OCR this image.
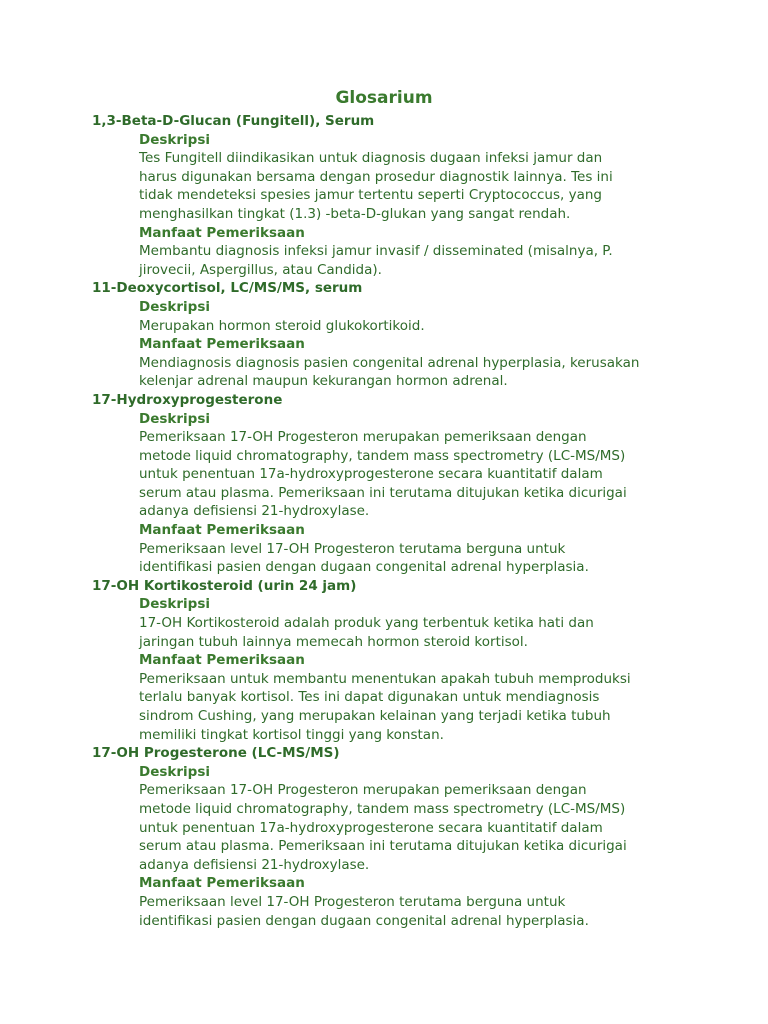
Glosarium
1,3-Beta-D-Glucan (Fungitell), Serum
Deskripsi
Tes Fungitell diindikasikan untuk diagnosis dugaan infeksi jamur dan
harus digunakan bersama dengan prosedur diagnostik lainnya. Tes ini
tidak mendeteksi spesies jamur tertentu seperti Cryptococcus, yang
menghasilkan tingkat (1.3) -beta-D-glukan yang sangat rendah.
Manfaat Pemeriksaan
Membantu diagnosis infeksi jamur invasif / disseminated (misalnya, P.
jirovecii, Aspergillus, atau Candida).
11-Deoxycortisol, LC/MS/MS, serum
Deskripsi
Merupakan hormon steroid glukokortikoid.
Manfaat Pemeriksaan
Mendiagnosis diagnosis pasien congenital adrenal hyperplasia, kerusakan
kelenjar adrenal maupun kekurangan hormon adrenal.
17-Hydroxyprogesterone
Deskripsi
Pemeriksaan 17-OH Progesteron merupakan pemeriksaan dengan
metode liquid chromatography, tandem mass spectrometry (LC-MS/MS)
untuk penentuan 17a-hydroxyprogesterone secara kuantitatif dalam
serum atau plasma. Pemeriksaan ini terutama ditujukan ketika dicurigai
adanya defisiensi 21-hydroxylase.
Manfaat Pemeriksaan
Pemeriksaan level 17-OH Progesteron terutama berguna untuk
identifikasi pasien dengan dugaan congenital adrenal hyperplasia.
17-OH Kortikosteroid (urin 24 jam)
Deskripsi
17-OH Kortikosteroid adalah produk yang terbentuk ketika hati dan
jaringan tubuh lainnya memecah hormon steroid kortisol.
Manfaat Pemeriksaan
Pemeriksaan untuk membantu menentukan apakah tubuh memproduksi
terlalu banyak kortisol. Tes ini dapat digunakan untuk mendiagnosis
sindrom Cushing, yang merupakan kelainan yang terjadi ketika tubuh
memiliki tingkat kortisol tinggi yang konstan.
17-OH Progesterone (LC-MS/MS)
Deskripsi
Pemeriksaan 17-OH Progesteron merupakan pemeriksaan dengan
metode liquid chromatography, tandem mass spectrometry (LC-MS/MS)
untuk penentuan 17a-hydroxyprogesterone secara kuantitatif dalam
serum atau plasma. Pemeriksaan ini terutama ditujukan ketika dicurigai
adanya defisiensi 21-hydroxylase.
Manfaat Pemeriksaan
Pemeriksaan level 17-OH Progesteron terutama berguna untuk
identifikasi pasien dengan dugaan congenital adrenal hyperplasia.
